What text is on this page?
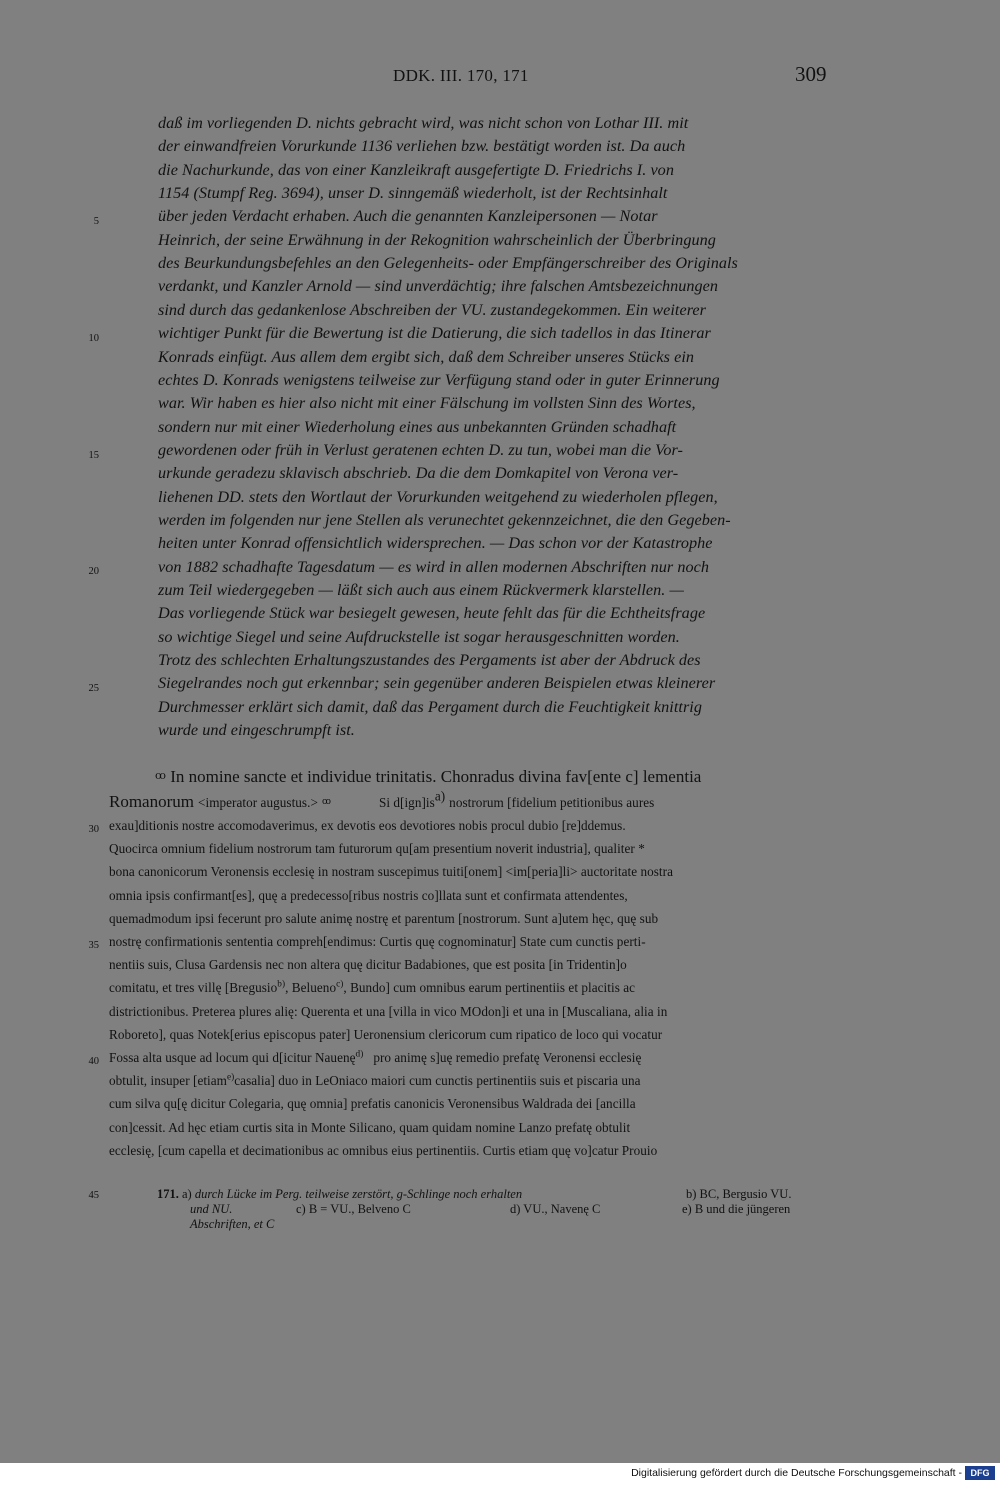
DDK. III. 170, 171	309
daß im vorliegenden D. nichts gebracht wird, was nicht schon von Lothar III. mit
der einwandfreien Vorurkunde 1136 verliehen bzw. bestätigt worden ist. Da auch
die Nachurkunde, das von einer Kanzleikraft ausgefertigte D. Friedrichs I. von
1154 (Stumpf Reg. 3694), unser D. sinngemäß wiederholt, ist der Rechtsinhalt
über jeden Verdacht erhaben. Auch die genannten Kanzleipersonen — Notar
Heinrich, der seine Erwähnung in der Rekognition wahrscheinlich der Überbringung
des Beurkundungsbefehles an den Gelegenheits- oder Empfängerschreiber des Originals
verdankt, und Kanzler Arnold — sind unverdächtig; ihre falschen Amtsbezeichnungen
sind durch das gedankenlose Abschreiben der VU. zustandegekommen. Ein weiterer
wichtiger Punkt für die Bewertung ist die Datierung, die sich tadellos in das Itinerar
Konrads einfügt. Aus allem dem ergibt sich, daß dem Schreiber unseres Stücks ein
echtes D. Konrads wenigstens teilweise zur Verfügung stand oder in guter Erinnerung
war. Wir haben es hier also nicht mit einer Fälschung im vollsten Sinn des Wortes,
sondern nur mit einer Wiederholung eines aus unbekannten Gründen schadhaft
gewordenen oder früh in Verlust geratenen echten D. zu tun, wobei man die Vor-
urkunde geradezu sklavisch abschrieb. Da die dem Domkapitel von Verona ver-
liehenen DD. stets den Wortlaut der Vorurkunden weitgehend zu wiederholen pflegen,
werden im folgenden nur jene Stellen als verunechtet gekennzeichnet, die den Gegeben-
heiten unter Konrad offensichtlich widersprechen. — Das schon vor der Katastrophe
von 1882 schadhafte Tagesdatum — es wird in allen modernen Abschriften nur noch
zum Teil wiedergegeben — läßt sich auch aus einem Rückvermerk klarstellen. —
Das vorliegende Stück war besiegelt gewesen, heute fehlt das für die Echtheitsfrage
so wichtige Siegel und seine Aufdruckstelle ist sogar herausgeschnitten worden.
Trotz des schlechten Erhaltungszustandes des Pergaments ist aber der Abdruck des
Siegelrandes noch gut erkennbar; sein gegenüber anderen Beispielen etwas kleinerer
Durchmesser erklärt sich damit, daß das Pergament durch die Feuchtigkeit knittrig
wurde und eingeschrumpft ist.
ꝏ In nomine sancte et individue trinitatis. Chonradus divina fav[ente c] lementia
Romanorum <imperator augustus.> ꝏ	Si $d[ign]is^{a)}$ nostrorum [fidelium petitionibus aures
exau]ditionis nostre accomodaverimus, ex devotis eos devotiores nobis procul dubio [re]ddemus.
Quocirca omnium fidelium nostrorum tam futurorum qu[am presentium noverit industria], qualiter *
bona canonicorum Veronensis ecclesię in nostram suscepimus tuiti[onem] <im[peria]li> auctoritate nostra
omnia ipsis confirmant[es], quę a predecesso[ribus nostris co]llata sunt et confirmata attendentes,
quemadmodum ipsi fecerunt pro salute animę nostrę et parentum [nostrorum. Sunt a]utem hęc, quę sub
nostrę confirmationis sententia compreh[endimus: Curtis quę cognominatur] State cum cunctis perti-
nentiis suis, Clusa Gardensis nec non altera quę dicitur Badabiones, que est posita [in Tridentin]o
comitatu, et tres villę [Bregusio$^{b)}$, Belueno$^{c)}$, Bundo] cum omnibus earum pertinentiis et placitis ac
districtionibus. Preterea plures alię: Querenta et una [villa in vico MOdon]i et una in [Muscaliana, alia in
Roboreto], quas Notek[erius episcopus pater] Ueronensium clericorum cum ripatico de loco qui vocatur
Fossa alta usque ad locum qui d[icitur Nauenę$^{d)}$ pro animę s]uę remedio prefatę Veronensi ecclesię
obtulit, insuper [etiam$^{e)}$casalia] duo in LeOniaco maiori cum cunctis pertinentiis suis et piscaria una
cum silva qu[ę dicitur Colegaria, quę omnia] prefatis canonicis Veronensibus Waldrada dei [ancilla
con]cessit. Ad hęc etiam curtis sita in Monte Silicano, quam quidam nomine Lanzo prefatę obtulit
ecclesię, [cum capella et decimationibus ac omnibus eius pertinentiis. Curtis etiam quę vo]catur Prouio
5
10
15
20
25
30
35
40
171. a) durch Lücke im Perg. teilweise zerstört, g-Schlinge noch erhalten	b) BC, Bergusio VU.
und NU.	c) B = VU., Belveno C	d) VU., Navenę C	e) B und die jüngeren
Abschriften, et C
45
Digitalisierung gefördert durch die Deutsche Forschungsgemeinschaft - DFG
